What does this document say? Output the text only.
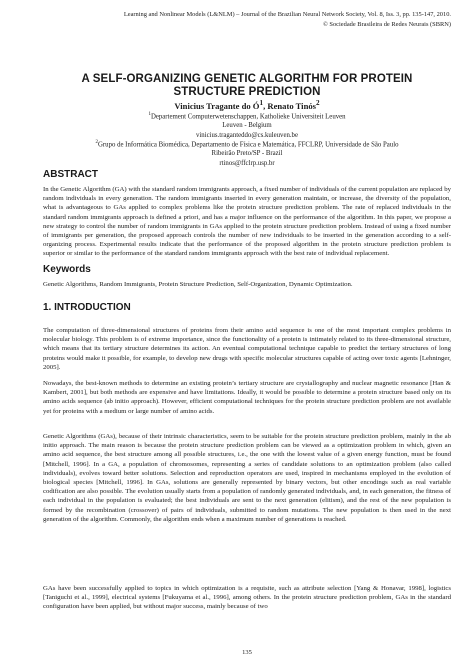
Learning and Nonlinear Models (L&NLM) – Journal of the Brazilian Neural Network Society, Vol. 8, Iss. 3, pp. 135-147, 2010.
© Sociedade Brasileira de Redes Neurais (SBRN)
A SELF-ORGANIZING GENETIC ALGORITHM FOR PROTEIN
STRUCTURE PREDICTION
Vinicius Tragante do $Ó^1$, Renato Tinós$^2$
$^1$Departement Computerwetenschappen, Katholieke Universiteit Leuven
Leuven - Belgium
vinicius.traganteddo@cs.kuleuven.be
$^2$Grupo de Informática Biomédica, Departamento de Física e Matemática, FFCLRP, Universidade de São Paulo
Ribeirão Preto/SP - Brazil
rtinos@ffclrp.usp.br
ABSTRACT
In the Genetic Algorithm (GA) with the standard random immigrants approach, a fixed number of individuals of the current population are replaced by random individuals in every generation. The random immigrants inserted in every generation maintain, or increase, the diversity of the population, what is advantageous to GAs applied to complex problems like the protein structure prediction problem. The rate of replaced individuals in the standard random immigrants approach is defined a priori, and has a major influence on the performance of the algorithm. In this paper, we propose a new strategy to control the number of random immigrants in GAs applied to the protein structure prediction problem. Instead of using a fixed number of immigrants per generation, the proposed approach controls the number of new individuals to be inserted in the generation according to a self-organizing process. Experimental results indicate that the performance of the proposed algorithm in the protein structure prediction problem is superior or similar to the performance of the standard random immigrants approach with the best rate of individual replacement.
Keywords
Genetic Algorithms, Random Immigrants, Protein Structure Prediction, Self-Organization, Dynamic Optimization.
1. INTRODUCTION
The computation of three-dimensional structures of proteins from their amino acid sequence is one of the most important complex problems in molecular biology. This problem is of extreme importance, since the functionality of a protein is intimately related to its three-dimensional structure, which means that its tertiary structure determines its action. An eventual computational technique capable to predict the tertiary structures of long proteins would make it possible, for example, to develop new drugs with specific molecular structures capable of acting over toxic agents [Lehninger, 2005].
Nowadays, the best-known methods to determine an existing protein’s tertiary structure are crystallography and nuclear magnetic resonance [Han & Kambert, 2001], but both methods are expensive and have limitations. Ideally, it would be possible to determine a protein structure based only on its amino acids sequence (ab initio approach). However, efficient computational techniques for the protein structure prediction problem are not available yet for proteins with a medium or large number of amino acids.
Genetic Algorithms (GAs), because of their intrinsic characteristics, seem to be suitable for the protein structure prediction problem, mainly in the ab initio approach. The main reason is because the protein structure prediction problem can be viewed as a optimization problem in which, given an amino acid sequence, the best structure among all possible structures, i.e., the one with the lowest value of a given energy function, must be found [Mitchell, 1996]. In a GA, a population of chromosomes, representing a series of candidate solutions to an optimization problem (also called individuals), evolves toward better solutions. Selection and reproduction operators are used, inspired in mechanisms employed in the evolution of biological species [Mitchell, 1996]. In GAs, solutions are generally represented by binary vectors, but other encodings such as real variable codification are also possible. The evolution usually starts from a population of randomly generated individuals, and, in each generation, the fitness of each individual in the population is evaluated; the best individuals are sent to the next generation (elitism), and the rest of the new population is formed by the recombination (crossover) of pairs of individuals, submitted to random mutations. The new population is then used in the next generation of the algorithm. Commonly, the algorithm ends when a maximum number of generations is reached.
GAs have been successfully applied to topics in which optimization is a requisite, such as attribute selection [Yang & Honavar, 1998], logistics [Taniguchi et al., 1999], electrical systems [Fukuyama et al., 1996], among others. In the protein structure prediction problem, GAs in the standard configuration have been applied, but without major success, mainly because of two
135
